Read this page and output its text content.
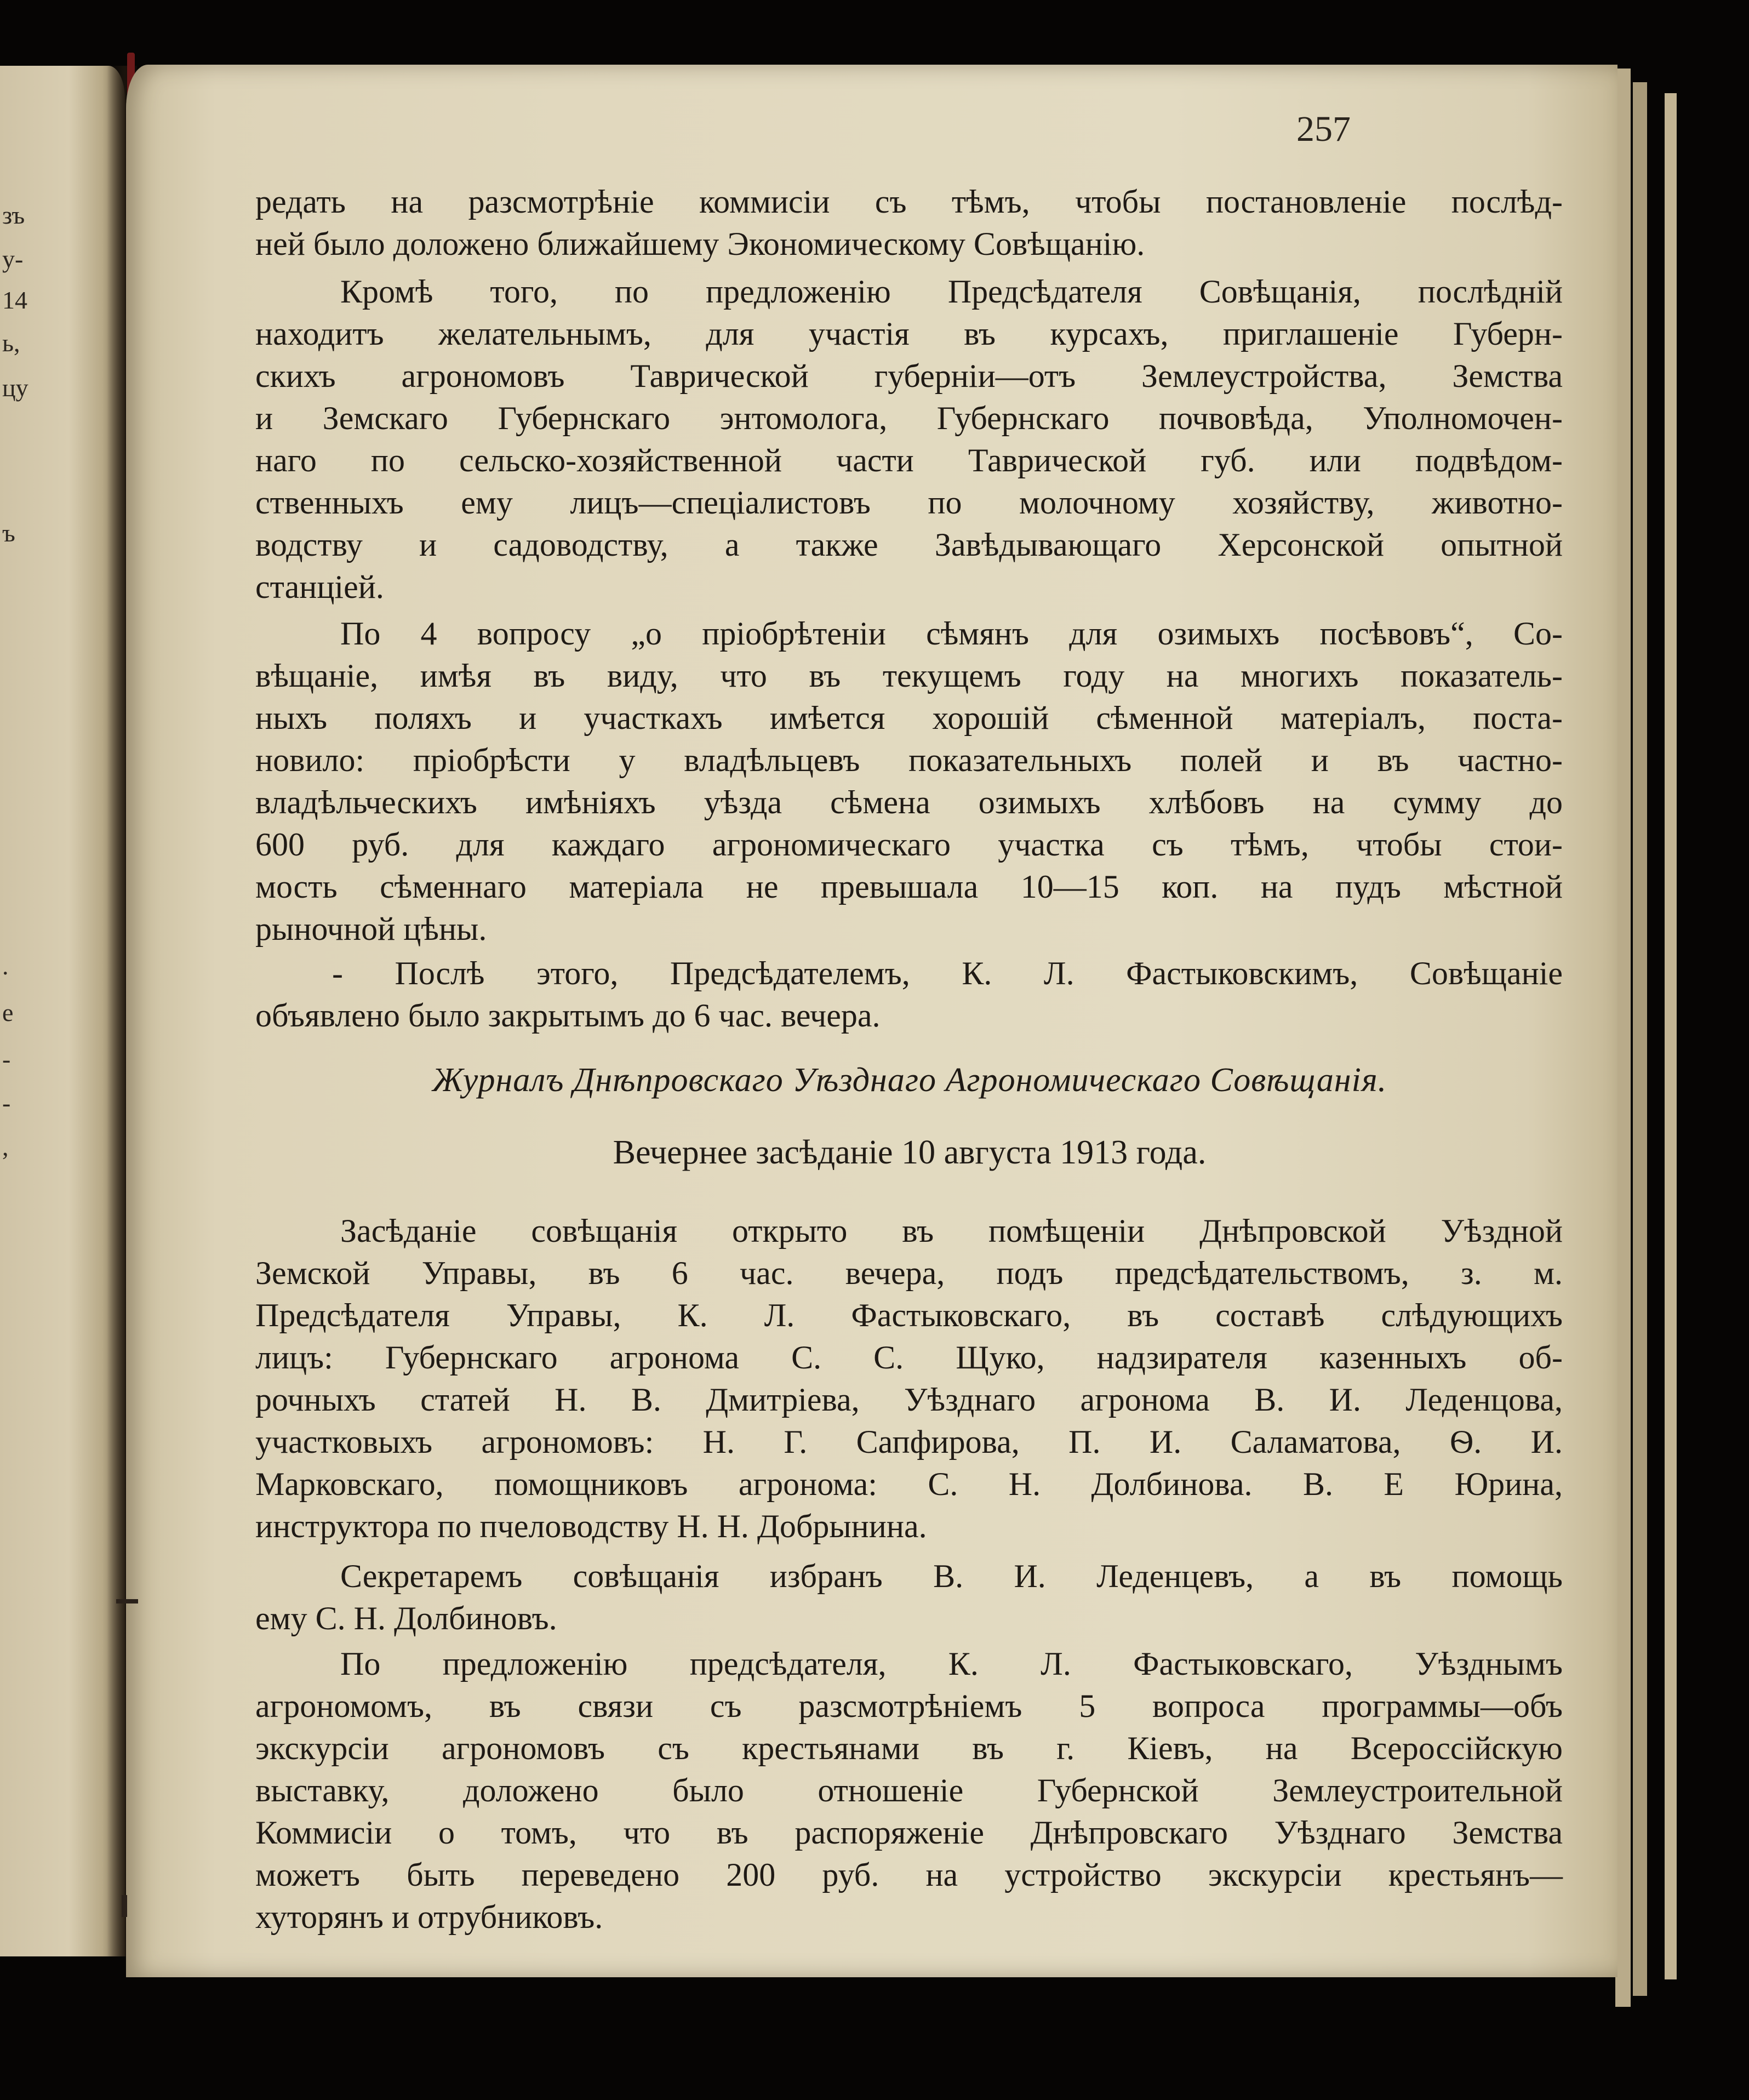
зъ
у-
14
ь,
цу
ъ
.
е
-
-
,
257
редать на разсмотрѣніе коммисіи съ тѣмъ, чтобы постановленіе послѣд-
ней было доложено ближайшему Экономическому Совѣщанію.
Кромѣ того, по предложенію Предсѣдателя Совѣщанія, послѣдній
находитъ желательнымъ, для участія въ курсахъ, приглашеніе Губерн-
скихъ агрономовъ Таврической губерніи—отъ Землеустройства, Земства
и Земскаго Губернскаго энтомолога, Губернскаго почвовѣда, Уполномочен-
наго по сельско-хозяйственной части Таврической губ. или подвѣдом-
ственныхъ ему лицъ—спеціалистовъ по молочному хозяйству, животно-
водству и садоводству, а также Завѣдывающаго Херсонской опытной
станціей.
По 4 вопросу „о пріобрѣтеніи сѣмянъ для озимыхъ посѣвовъ“, Со-
вѣщаніе, имѣя въ виду, что въ текущемъ году на многихъ показатель-
ныхъ поляхъ и участкахъ имѣется хорошій сѣменной матеріалъ, поста-
новило: пріобрѣсти у владѣльцевъ показательныхъ полей и въ частно-
владѣльческихъ имѣніяхъ уѣзда сѣмена озимыхъ хлѣбовъ на сумму до
600 руб. для каждаго агрономическаго участка съ тѣмъ, чтобы стои-
мость сѣменнаго матеріала не превышала 10—15 коп. на пудъ мѣстной
рыночной цѣны.
- Послѣ этого, Предсѣдателемъ, К. Л. Фастыковскимъ, Совѣщаніе
объявлено было закрытымъ до 6 час. вечера.
Журналъ Днѣпровскаго Уѣзднаго Агрономическаго Совѣщанія.
Вечернее засѣданіе 10 августа 1913 года.
Засѣданіе совѣщанія открыто въ помѣщеніи Днѣпровской Уѣздной
Земской Управы, въ 6 час. вечера, подъ предсѣдательствомъ, з. м.
Предсѣдателя Управы, К. Л. Фастыковскаго, въ составѣ слѣдующихъ
лицъ: Губернскаго агронома С. С. Щуко, надзирателя казенныхъ об-
рочныхъ статей Н. В. Дмитріева, Уѣзднаго агронома В. И. Леденцова,
участковыхъ агрономовъ: Н. Г. Сапфирова, П. И. Саламатова, Ѳ. И.
Марковскаго, помощниковъ агронома: С. Н. Долбинова. В. Е Юрина,
инструктора по пчеловодству Н. Н. Добрынина.
Секретаремъ совѣщанія избранъ В. И. Леденцевъ, а въ помощь
ему С. Н. Долбиновъ.
По предложенію предсѣдателя, К. Л. Фастыковскаго, Уѣзднымъ
агрономомъ, въ связи съ разсмотрѣніемъ 5 вопроса программы—объ
экскурсіи агрономовъ съ крестьянами въ г. Кіевъ, на Всероссійскую
выставку, доложено было отношеніе Губернской Землеустроительной
Коммисіи о томъ, что въ распоряженіе Днѣпровскаго Уѣзднаго Земства
можетъ быть переведено 200 руб. на устройство экскурсіи крестьянъ—
хуторянъ и отрубниковъ.
